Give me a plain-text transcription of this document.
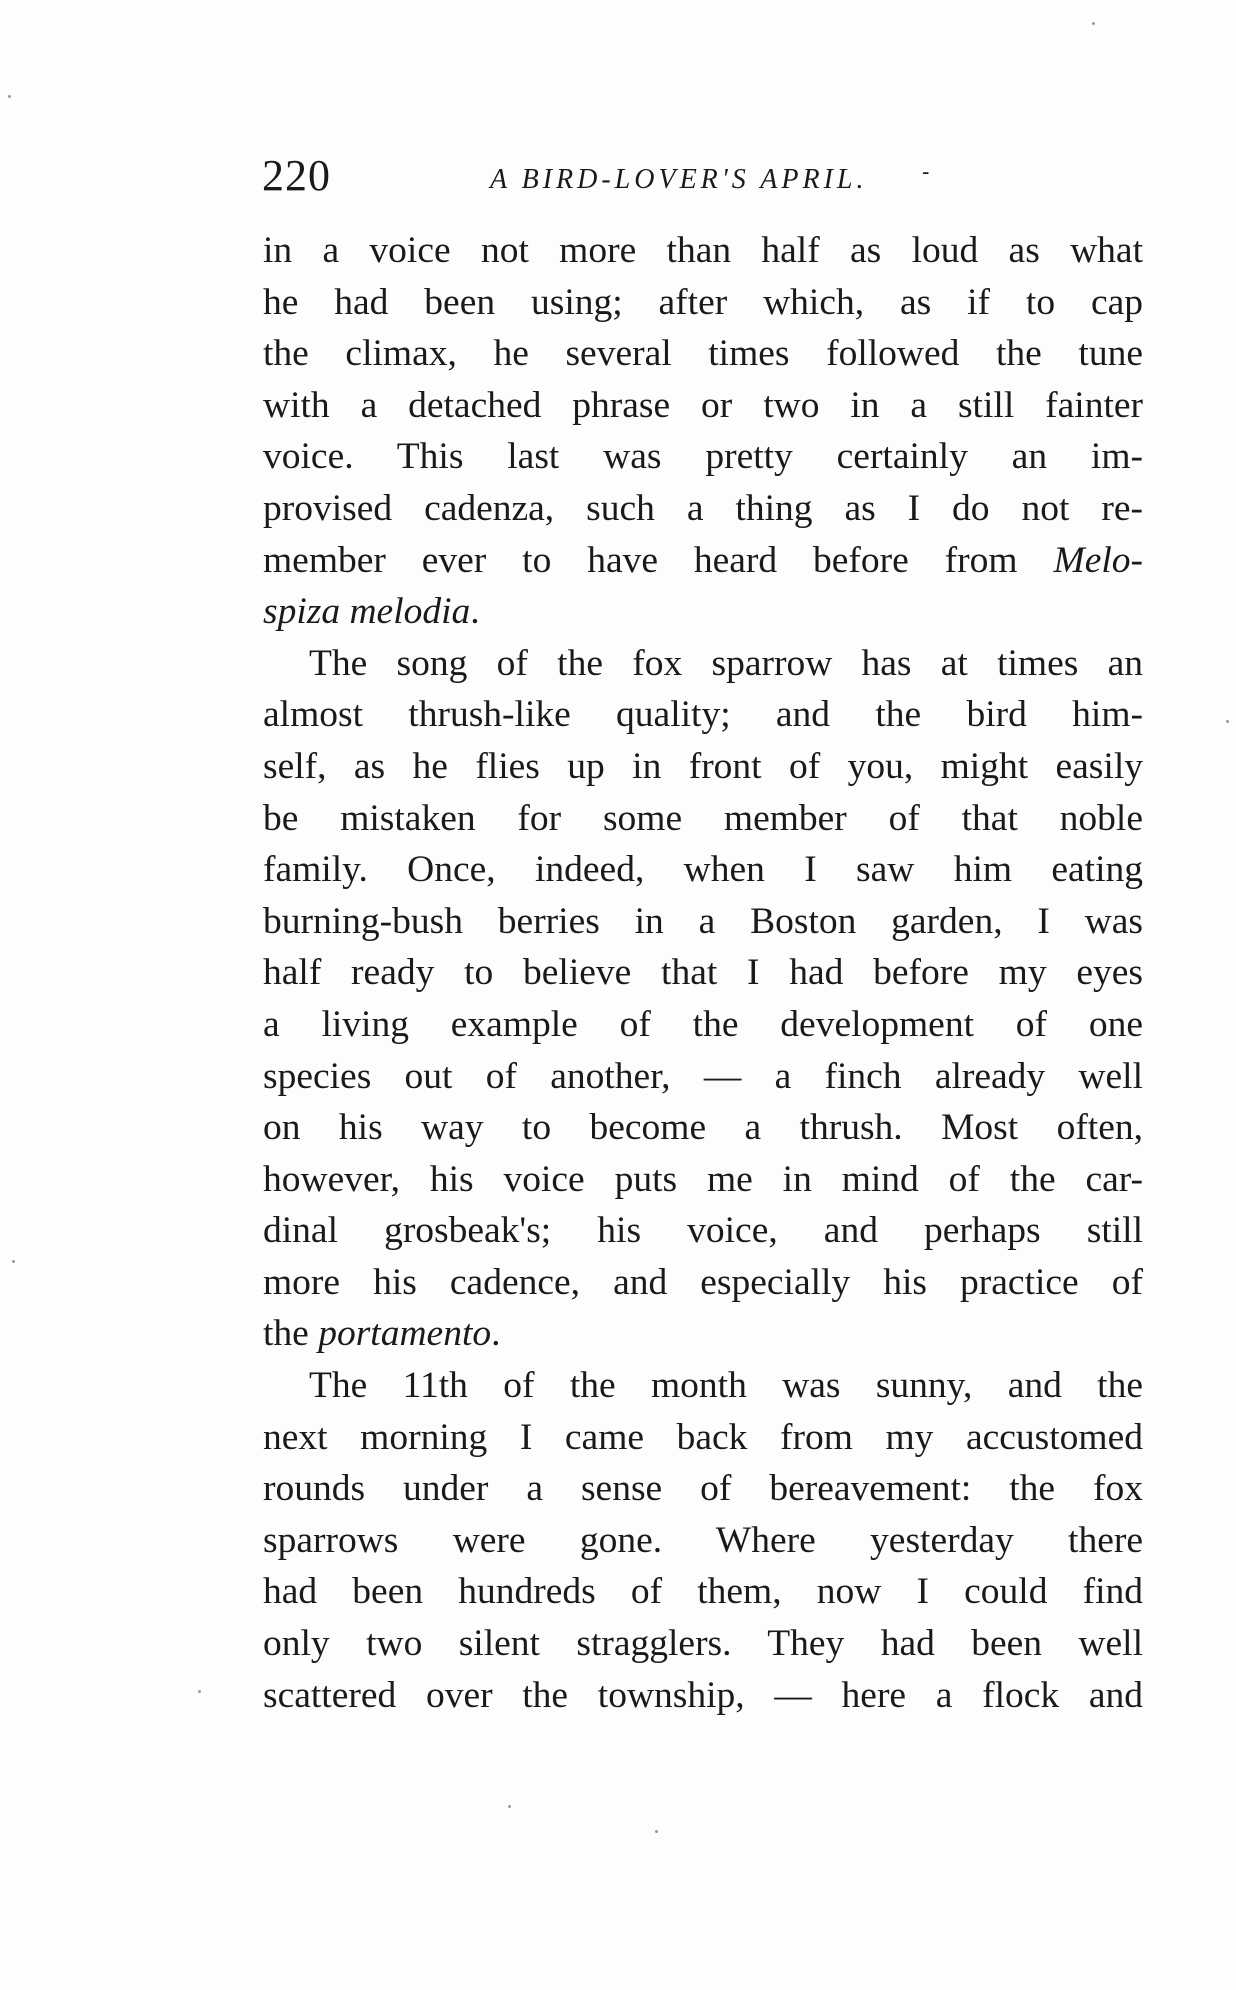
220	A BIRD-LOVER'S APRIL. -
in a voice not more than half as loud as what
he had been using; after which, as if to cap
the climax, he several times followed the tune
with a detached phrase or two in a still fainter
voice. This last was pretty certainly an im-
provised cadenza, such a thing as I do not re-
member ever to have heard before from Melo-
spiza melodia.
The song of the fox sparrow has at times an
almost thrush-like quality; and the bird him-
self, as he flies up in front of you, might easily
be mistaken for some member of that noble
family. Once, indeed, when I saw him eating
burning-bush berries in a Boston garden, I was
half ready to believe that I had before my eyes
a living example of the development of one
species out of another, — a finch already well
on his way to become a thrush. Most often,
however, his voice puts me in mind of the car-
dinal grosbeak's; his voice, and perhaps still
more his cadence, and especially his practice of
the portamento.
The 11th of the month was sunny, and the
next morning I came back from my accustomed
rounds under a sense of bereavement: the fox
sparrows were gone. Where yesterday there
had been hundreds of them, now I could find
only two silent stragglers. They had been well
scattered over the township, — here a flock and
